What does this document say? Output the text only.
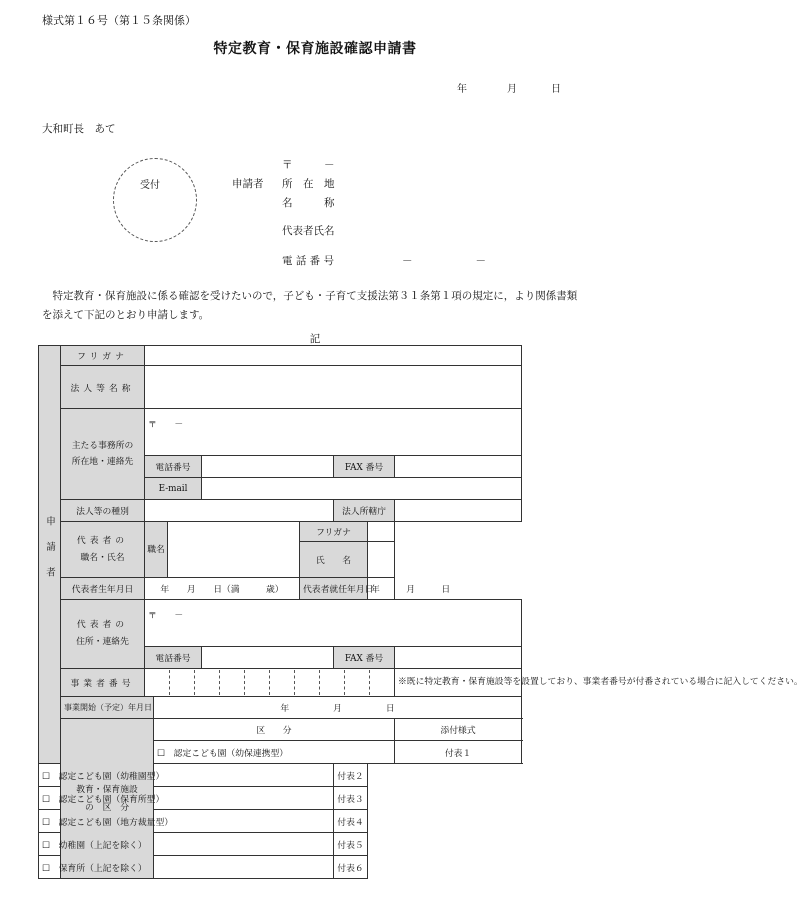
様式第１６号（第１５条関係）
特定教育・保育施設確認申請書
年	月	日
大和町長　あて
受付	申請者
〒　　　－
所　在　地
名　　　称
代表者氏名
電 話 番 号	－　　　　　　－
　特定教育・保育施設に係る確認を受けたいので，子ども・子育て支援法第３１条第１項の規定に，より関係書類を添えて下記のとおり申請します。
記
申請者	フリガナ								
	法人等名称								
	主たる事務所の
所在地・連絡先	〒　　－							
		電話番号					FAX 番号		
		E-mail							
	法人等の種別						法人所轄庁		
	代表者の
職名・氏名	職名				フリガナ			
						氏　　名			
	代表者生年月日	年　　月　　日（満　　　歳）				代表者就任年月日		年　　　月　　　日	
	代表者の
住所・連絡先	〒　　－							
		電話番号					FAX 番号		
	事業者番号								※既に特定教育・保育施設等を設置しており、事業者番号が付番されている場合に記入してください。
	事業開始（予定）年月日		年　　　　　月　　　　　日						
	教育・保育施設
の　区　分		区　　分						添付様式
			☐　認定こども園（幼保連携型）						付表１
☐　認定こども園（幼稚園型）							付表２		
☐　認定こども園（保育所型）							付表３		
☐　認定こども園（地方裁量型）							付表４		
☐　幼稚園（上記を除く）							付表５		
☐　保育所（上記を除く）							付表６		
